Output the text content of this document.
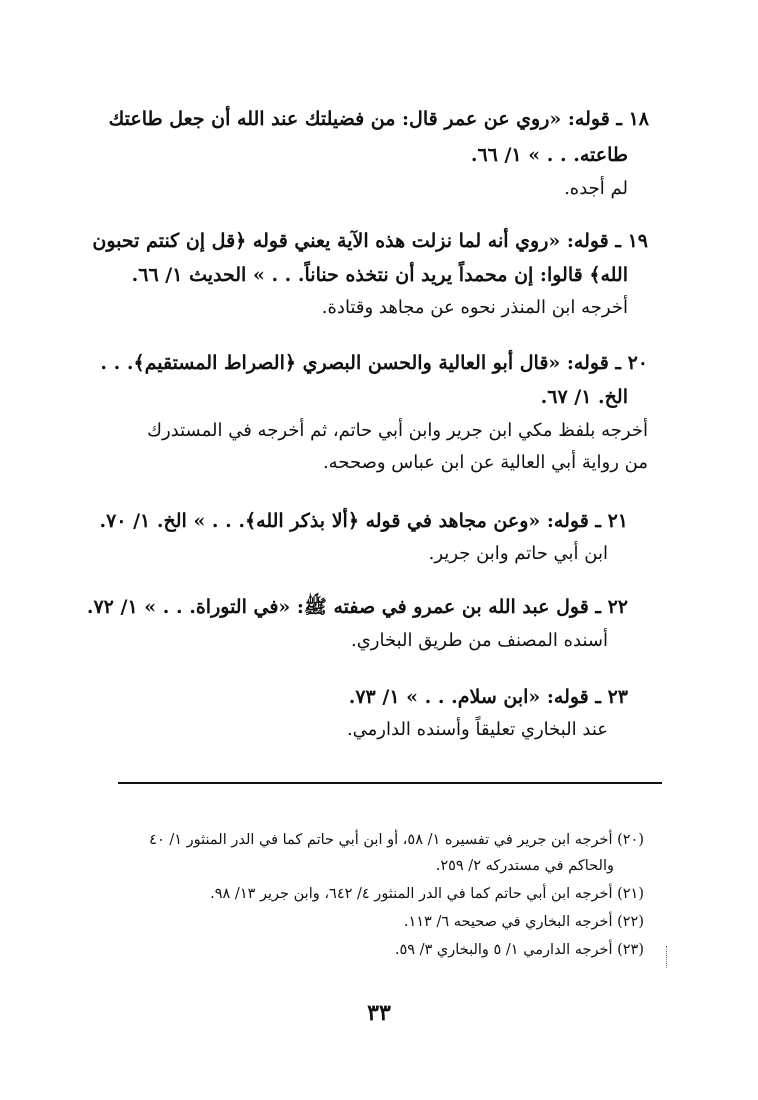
١٨ ـ قوله: «روي عن عمر قال: من فضيلتك عند الله أن جعل طاعتك
طاعته. . . » ١/ ٦٦.
لم أجده.
١٩ ـ قوله: «روي أنه لما نزلت هذه الآية يعني قوله ﴿قل إن كنتم تحبون
الله﴾ قالوا: إن محمداً يريد أن نتخذه حناناً. . . » الحديث ١/ ٦٦.
أخرجه ابن المنذر نحوه عن مجاهد وقتادة.
٢٠ ـ قوله: «قال أبو العالية والحسن البصري ﴿الصراط المستقيم﴾. . .
الخ. ١/ ٦٧.
أخرجه بلفظ مكي ابن جرير وابن أبي حاتم، ثم أخرجه في المستدرك
من رواية أبي العالية عن ابن عباس وصححه.
٢١ ـ قوله: «وعن مجاهد في قوله ﴿ألا بذكر الله﴾. . . » الخ. ١/ ٧٠.
ابن أبي حاتم وابن جرير.
٢٢ ـ قول عبد الله بن عمرو في صفته ﷺ: «في التوراة. . . » ١/ ٧٢.
أسنده المصنف من طريق البخاري.
٢٣ ـ قوله: «ابن سلام. . . » ١/ ٧٣.
عند البخاري تعليقاً وأسنده الدارمي.
(٢٠) أخرجه ابن جرير في تفسيره ١/ ٥٨، أو ابن أبي حاتم كما في الدر المنثور ١/ ٤٠
والحاكم في مستدركه ٢/ ٢٥٩.
(٢١) أخرجه ابن أبي حاتم كما في الدر المنثور ٤/ ٦٤٢، وابن جرير ١٣/ ٩٨.
(٢٢) أخرجه البخاري في صحيحه ٦/ ١١٣.
(٢٣) أخرجه الدارمي ١/ ٥ والبخاري ٣/ ٥٩.
٣٣
